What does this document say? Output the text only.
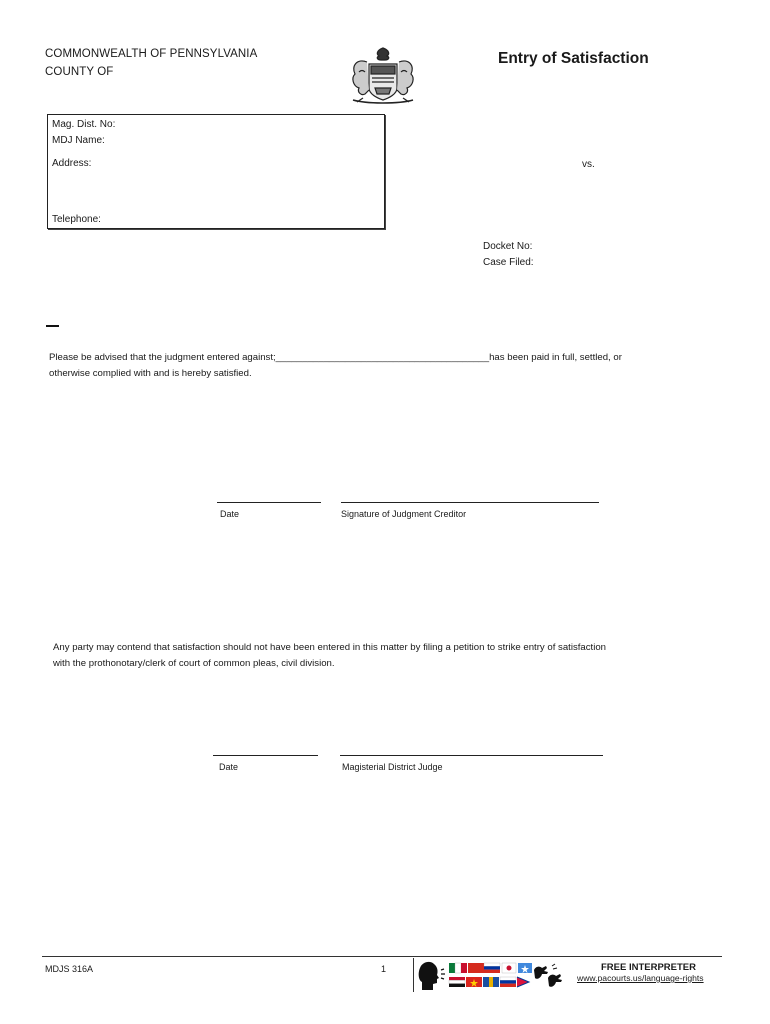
COMMONWEALTH OF PENNSYLVANIA
COUNTY OF
Entry of Satisfaction
Mag. Dist. No:
MDJ Name:
Address:
Telephone:
vs.
Docket No:
Case Filed:
Please be advised that the judgment entered against;________________________________________has been paid in full, settled, or
otherwise complied with and is hereby satisfied.
Date	Signature of Judgment Creditor
Any party may contend that satisfaction should not have been entered in this matter by filing a petition to strike entry of satisfaction
with the prothonotary/clerk of court of common pleas, civil division.
Date	Magisterial District Judge
MDJS 316A	1	FREE INTERPRETER
www.pacourts.us/language-rights
